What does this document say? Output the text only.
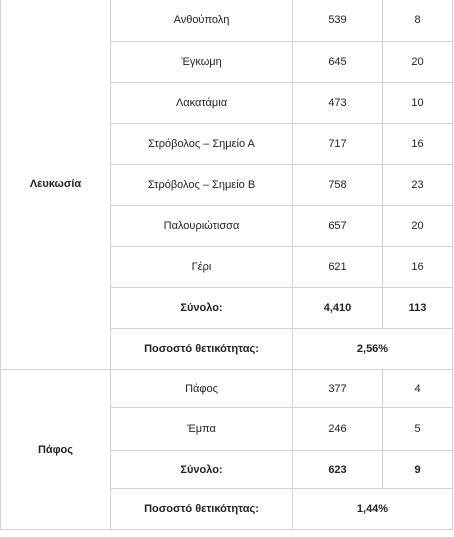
Λευκωσία	Ανθούπολη	539	8
	Έγκωμη	645	20
	Λακατάμια	473	10
	Στρόβολος – Σημείο Α	717	16
	Στρόβολος – Σημείο Β	758	23
	Παλουριώτισσα	657	20
	Γέρι	621	16
	Σύνολο:	4,410	113
	Ποσοστό θετικότητας:	2,56%	
Πάφος	Πάφος	377	4
	Έμπα	246	5
	Σύνολο:	623	9
	Ποσοστό θετικότητας:	1,44%	
